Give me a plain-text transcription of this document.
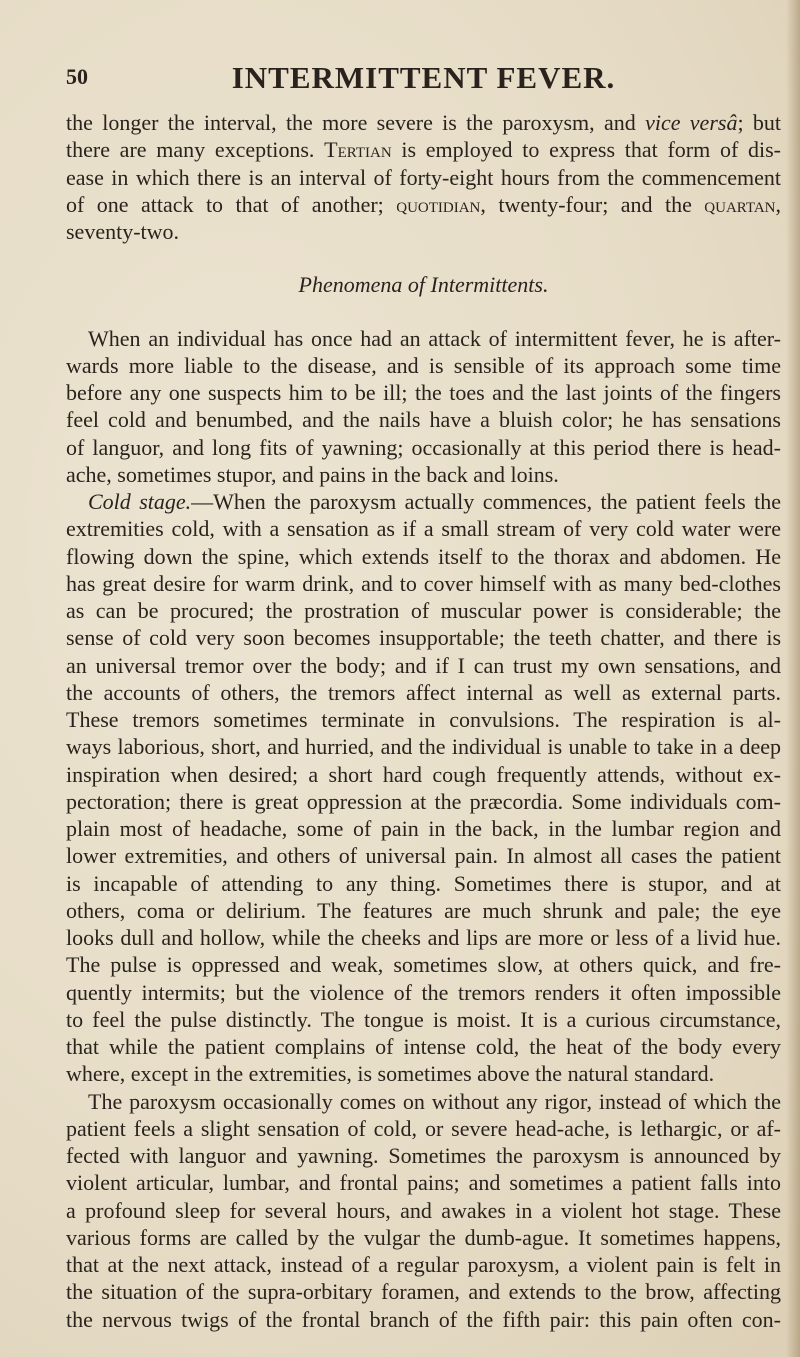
50	INTERMITTENT FEVER.
the longer the interval, the more severe is the paroxysm, and vice versâ; but
there are many exceptions. Tertian is employed to express that form of dis-
ease in which there is an interval of forty-eight hours from the commencement
of one attack to that of another; quotidian, twenty-four; and the quartan,
seventy-two.
Phenomena of Intermittents.
When an individual has once had an attack of intermittent fever, he is after-
wards more liable to the disease, and is sensible of its approach some time
before any one suspects him to be ill; the toes and the last joints of the fingers
feel cold and benumbed, and the nails have a bluish color; he has sensations
of languor, and long fits of yawning; occasionally at this period there is head-
ache, sometimes stupor, and pains in the back and loins.
Cold stage.—When the paroxysm actually commences, the patient feels the
extremities cold, with a sensation as if a small stream of very cold water were
flowing down the spine, which extends itself to the thorax and abdomen. He
has great desire for warm drink, and to cover himself with as many bed-clothes
as can be procured; the prostration of muscular power is considerable; the
sense of cold very soon becomes insupportable; the teeth chatter, and there is
an universal tremor over the body; and if I can trust my own sensations, and
the accounts of others, the tremors affect internal as well as external parts.
These tremors sometimes terminate in convulsions. The respiration is al-
ways laborious, short, and hurried, and the individual is unable to take in a deep
inspiration when desired; a short hard cough frequently attends, without ex-
pectoration; there is great oppression at the præcordia. Some individuals com-
plain most of headache, some of pain in the back, in the lumbar region and
lower extremities, and others of universal pain. In almost all cases the patient
is incapable of attending to any thing. Sometimes there is stupor, and at
others, coma or delirium. The features are much shrunk and pale; the eye
looks dull and hollow, while the cheeks and lips are more or less of a livid hue.
The pulse is oppressed and weak, sometimes slow, at others quick, and fre-
quently intermits; but the violence of the tremors renders it often impossible
to feel the pulse distinctly. The tongue is moist. It is a curious circumstance,
that while the patient complains of intense cold, the heat of the body every
where, except in the extremities, is sometimes above the natural standard.
The paroxysm occasionally comes on without any rigor, instead of which the
patient feels a slight sensation of cold, or severe head-ache, is lethargic, or af-
fected with languor and yawning. Sometimes the paroxysm is announced by
violent articular, lumbar, and frontal pains; and sometimes a patient falls into
a profound sleep for several hours, and awakes in a violent hot stage. These
various forms are called by the vulgar the dumb-ague. It sometimes happens,
that at the next attack, instead of a regular paroxysm, a violent pain is felt in
the situation of the supra-orbitary foramen, and extends to the brow, affecting
the nervous twigs of the frontal branch of the fifth pair: this pain often con-
